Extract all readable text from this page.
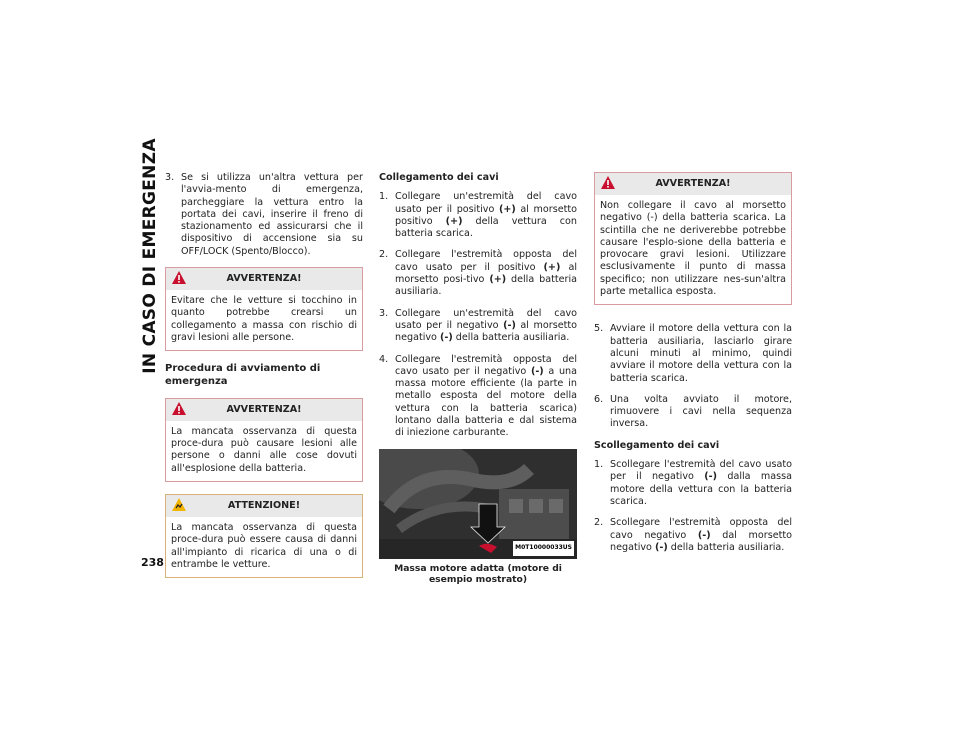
IN CASO DI EMERGENZA
238
3. Se si utilizza un'altra vettura per l'avvia-mento di emergenza, parcheggiare la vettura entro la portata dei cavi, inserire il freno di stazionamento ed assicurarsi che il dispositivo di accensione sia su OFF/LOCK (Spento/Blocco).
AVVERTENZA!
Evitare che le vetture si tocchino in quanto potrebbe crearsi un collegamento a massa con rischio di gravi lesioni alle persone.
Procedura di avviamento di emergenza
AVVERTENZA!
La mancata osservanza di questa proce-dura può causare lesioni alle persone o danni alle cose dovuti all'esplosione della batteria.
ATTENZIONE!
La mancata osservanza di questa proce-dura può essere causa di danni all'impianto di ricarica di una o di entrambe le vetture.
Collegamento dei cavi
1. Collegare un'estremità del cavo usato per il positivo (+) al morsetto positivo (+) della vettura con batteria scarica.
2. Collegare l'estremità opposta del cavo usato per il positivo (+) al morsetto posi-tivo (+) della batteria ausiliaria.
3. Collegare un'estremità del cavo usato per il negativo (-) al morsetto negativo (-) della batteria ausiliaria.
4. Collegare l'estremità opposta del cavo usato per il negativo (-) a una massa motore efficiente (la parte in metallo esposta del motore della vettura con la batteria scarica) lontano dalla batteria e dal sistema di iniezione carburante.
M0T10000033US
Massa motore adatta (motore di esempio mostrato)
AVVERTENZA!
Non collegare il cavo al morsetto negativo (-) della batteria scarica. La scintilla che ne deriverebbe potrebbe causare l'esplo-sione della batteria e provocare gravi lesioni. Utilizzare esclusivamente il punto di massa specifico; non utilizzare nes-sun'altra parte metallica esposta.
5. Avviare il motore della vettura con la batteria ausiliaria, lasciarlo girare alcuni minuti al minimo, quindi avviare il motore della vettura con la batteria scarica.
6. Una volta avviato il motore, rimuovere i cavi nella sequenza inversa.
Scollegamento dei cavi
1. Scollegare l'estremità del cavo usato per il negativo (-) dalla massa motore della vettura con la batteria scarica.
2. Scollegare l'estremità opposta del cavo negativo (-) dal morsetto negativo (-) della batteria ausiliaria.
